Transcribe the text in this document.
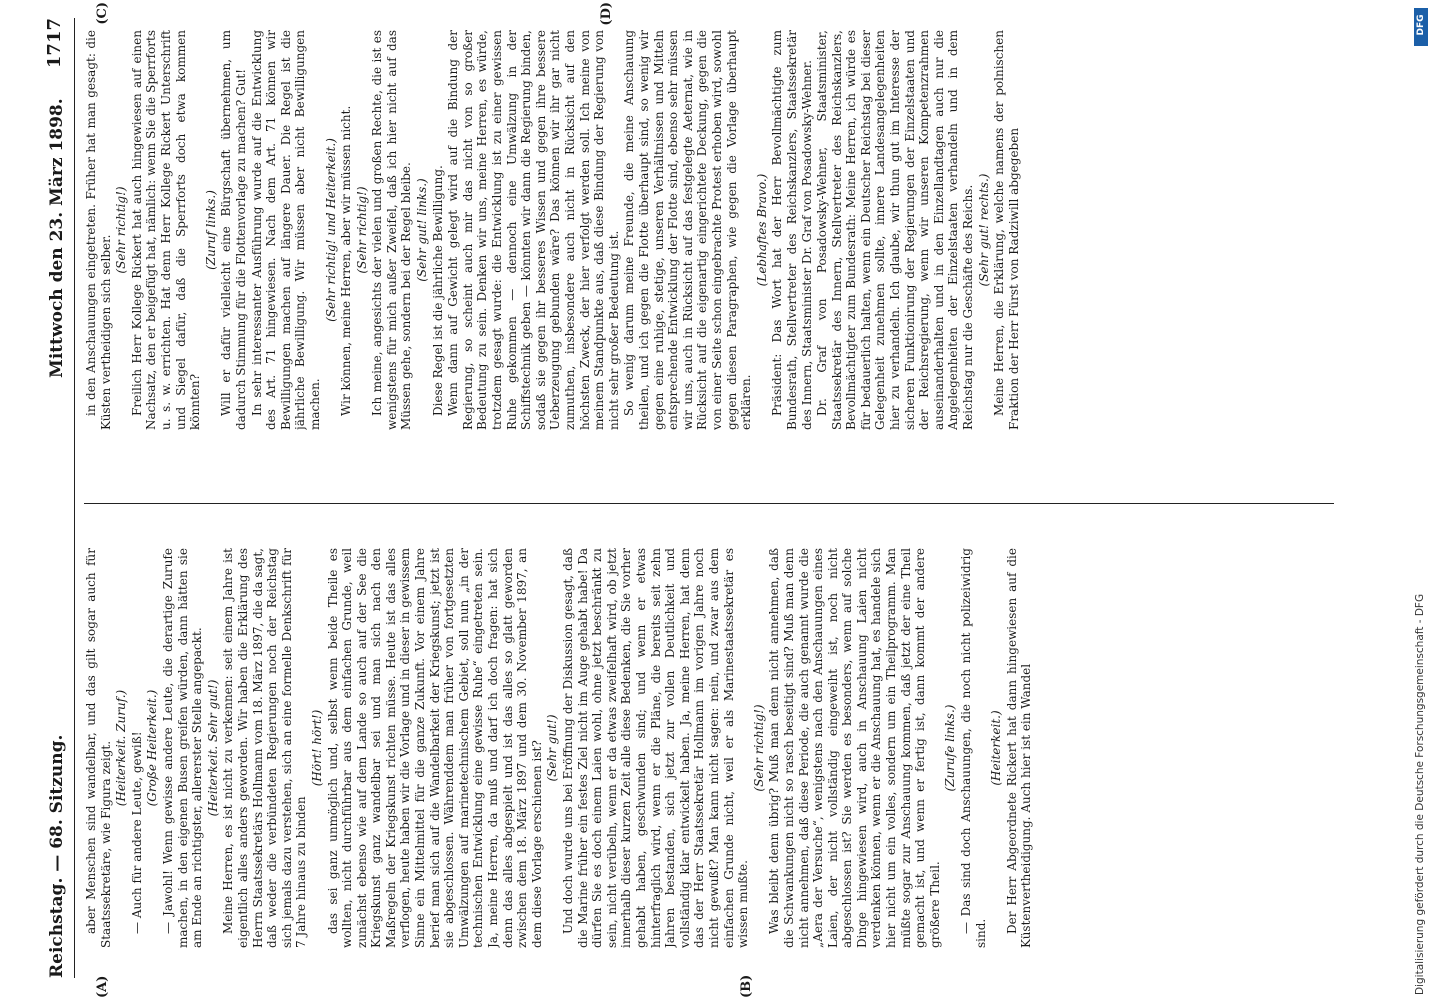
Reichstag. — 68. Sitzung.
Mittwoch den 23. März 1898.
1717
(A)	(B)
(C)	(D)

aber Menschen sind wandelbar, und das gilt sogar auch für Staatssekretäre, wie Figura zeigt. (Heiterkeit. Zuruf.) — Auch für andere Leute, gewiß! (Große Heiterkeit.) — Jawohl! Wenn gewisse andere Leute, die derartige Zurufe machen, in den eigenen Busen greifen würden, dann hätten sie am Ende an richtigster, allererster Stelle angepackt. (Heiterkeit. Sehr gut!) Meine Herren, es ist nicht zu verkennen: seit einem Jahre ist eigentlich alles anders geworden. Wir haben die Erklärung des Herrn Staatssekretärs Hollmann vom 18. März 1897, die da sagt, daß weder die verbündeten Regierungen noch der Reichstag sich jemals dazu verstehen, sich an eine formelle Denkschrift für 7 Jahre hinaus zu binden

(Hört! hört!) das sei ganz unmöglich und, selbst wenn beide Theile es wollten, nicht durchführbar aus dem einfachen Grunde, weil zunächst ebenso wie auf dem Lande so auch auf der See die Kriegskunst ganz wandelbar sei und man sich nach den Maßregeln der Kriegskunst richten müsse. Heute ist das alles verflogen, heute haben wir die Vorlage und in dieser in gewissem Sinne ein Mittelmittel für die ganze Zukunft. Vor einem Jahre berief man sich auf die Wandelbarkeit der Kriegskunst; jetzt ist sie abgeschlossen. Währenddem man früher von fortgesetzten Umwälzungen auf marinetechnischem Gebiet, soll nun „in der technischen Entwicklung eine gewisse Ruhe“ eingetreten sein. Ja, meine Herren, da muß und darf ich doch fragen: hat sich denn das alles abgespielt und ist das alles so glatt geworden zwischen dem 18. März 1897 und dem 30. November 1897, an dem diese Vorlage erschienen ist? (Sehr gut!) Und doch wurde uns bei Eröffnung der Diskussion gesagt, daß die Marine früher ein festes Ziel nicht im Auge gehabt habe! Da dürfen Sie es doch einem Laien wohl, ohne jetzt beschränkt zu sein, nicht verübeln, wenn er da etwas zweifelhaft wird, ob jetzt innerhalb dieser kurzen Zeit alle diese Bedenken, die Sie vorher gehabt haben, geschwunden sind; und wenn er etwas hinterfraglich wird, wenn er die Pläne, die bereits seit zehn Jahren bestanden, sich jetzt zur vollen Deutlichkeit und vollständig klar entwickelt haben. Ja, meine Herren, hat denn das der Herr Staatssekretär Hollmann im vorigen Jahre noch nicht gewußt? Man kann nicht sagen: nein, und zwar aus dem einfachen Grunde nicht, weil er als Marinestaatssekretär es wissen mußte.

(Sehr richtig!) Was bleibt denn übrig? Muß man denn nicht annehmen, daß die Schwankungen nicht so rasch beseitigt sind? Muß man denn nicht annehmen, daß diese Periode, die auch genannt wurde die „Aera der Versuche“, wenigstens nach den Anschauungen eines Laien, der nicht vollständig eingeweiht ist, noch nicht abgeschlossen ist? Sie werden es besonders, wenn auf solche Dinge hingewiesen wird, auch in Anschauung Laien nicht verdenken können, wenn er die Anschauung hat, es handele sich hier nicht um ein volles, sondern um ein Theilprogramm. Man müßte sogar zur Anschauung kommen, daß jetzt der eine Theil gemacht ist, und wenn er fertig ist, dann kommt der andere größere Theil.

(Zurufe links.) — Das sind doch Anschauungen, die noch nicht polizeiwidrig sind.

(Heiterkeit.) Der Herr Abgeordnete Rickert hat dann hingewiesen auf die Küstenvertheidigung. Auch hier ist ein Wandel

in den Anschauungen eingetreten. Früher hat man gesagt: die Küsten vertheidigen sich selber.

(Sehr richtig!) Freilich Herr Kollege Rickert hat auch hingewiesen auf einen Nachsatz, den er beigefügt hat, nämlich: wenn Sie die Sperrforts u. s. w. errichten. Hat denn Herr Kollege Rickert Unterschrift und Siegel dafür, daß die Sperrforts doch etwa kommen könnten?

(Zuruf links.) Will er dafür vielleicht eine Bürgschaft übernehmen, um dadurch Stimmung für die Flottenvorlage zu machen? Gut! In sehr interessanter Ausführung wurde auf die Entwicklung des Art. 71 hingewiesen. Nach dem Art. 71 können wir Bewilligungen machen auf längere Dauer. Die Regel ist die jährliche Bewilligung. Wir müssen aber nicht Bewilligungen machen.

(Sehr richtig! und Heiterkeit.) Wir können, meine Herren, aber wir müssen nicht. (Sehr richtig!) Ich meine, angesichts der vielen und großen Rechte, die ist es wenigstens für mich außer Zweifel, daß ich hier nicht auf das Müssen gehe, sondern bei der Regel bleibe. (Sehr gut! links.) Diese Regel ist die jährliche Bewilligung. Wenn dann auf Gewicht gelegt wird auf die Bindung der Regierung, so scheint auch mir das nicht von so großer Bedeutung zu sein. Denken wir uns, meine Herren, es würde, trotzdem gesagt wurde: die Entwicklung ist zu einer gewissen Ruhe gekommen — dennoch eine Umwälzung in der Schiffstechnik geben — könnten wir dann die Regierung binden, sodaß sie gegen ihr besseres Wissen und gegen ihre bessere Ueberzeugung gebunden wäre? Das können wir ihr gar nicht zumuthen, insbesondere auch nicht in Rücksicht auf den höchsten Zweck, der hier verfolgt werden soll. Ich meine von meinem Standpunkte aus, daß diese Bindung der Regierung von nicht sehr großer Bedeutung ist. So wenig darum meine Freunde, die meine Anschauung theilen, und ich gegen die Flotte überhaupt sind, so wenig wir gegen eine ruhige, stetige, unseren Verhältnissen und Mitteln entsprechende Entwicklung der Flotte sind, ebenso sehr müssen wir uns, auch in Rücksicht auf das festgelegte Aeternat, wie in Rücksicht auf die eigenartig eingerichtete Deckung, gegen die von einer Seite schon eingebrachte Protest erhoben wird, sowohl gegen diesen Paragraphen, wie gegen die Vorlage überhaupt erklären.

(Lebhaftes Bravo.) Präsident: Das Wort hat der Herr Bevollmächtigte zum Bundesrath, Stellvertreter des Reichskanzlers, Staatssekretär des Innern, Staatsminister Dr. Graf von Posadowsky-Wehner. Dr. Graf von Posadowsky-Wehner, Staatsminister, Staatssekretär des Innern, Stellvertreter des Reichskanzlers, Bevollmächtigter zum Bundesrath: Meine Herren, ich würde es für bedauerlich halten, wenn ein Deutscher Reichstag bei dieser Gelegenheit zunehmen sollte, innere Landesangelegenheiten hier zu verhandeln. Ich glaube, wir thun gut im Interesse der sicheren Funktionirung der Regierungen der Einzelstaaten und der Reichsregierung, wenn wir unseren Kompetenzrahmen auseinanderhalten und in den Einzellandtagen auch nur die Angelegenheiten der Einzelstaaten verhandeln und in dem Reichstag nur die Geschäfte des Reichs. (Sehr gut! rechts.) Meine Herren, die Erklärung, welche namens der polnischen Fraktion der Herr Fürst von Radziwill abgegeben

DFG
Digitalisierung gefördert durch die Deutsche Forschungsgemeinschaft - DFG
